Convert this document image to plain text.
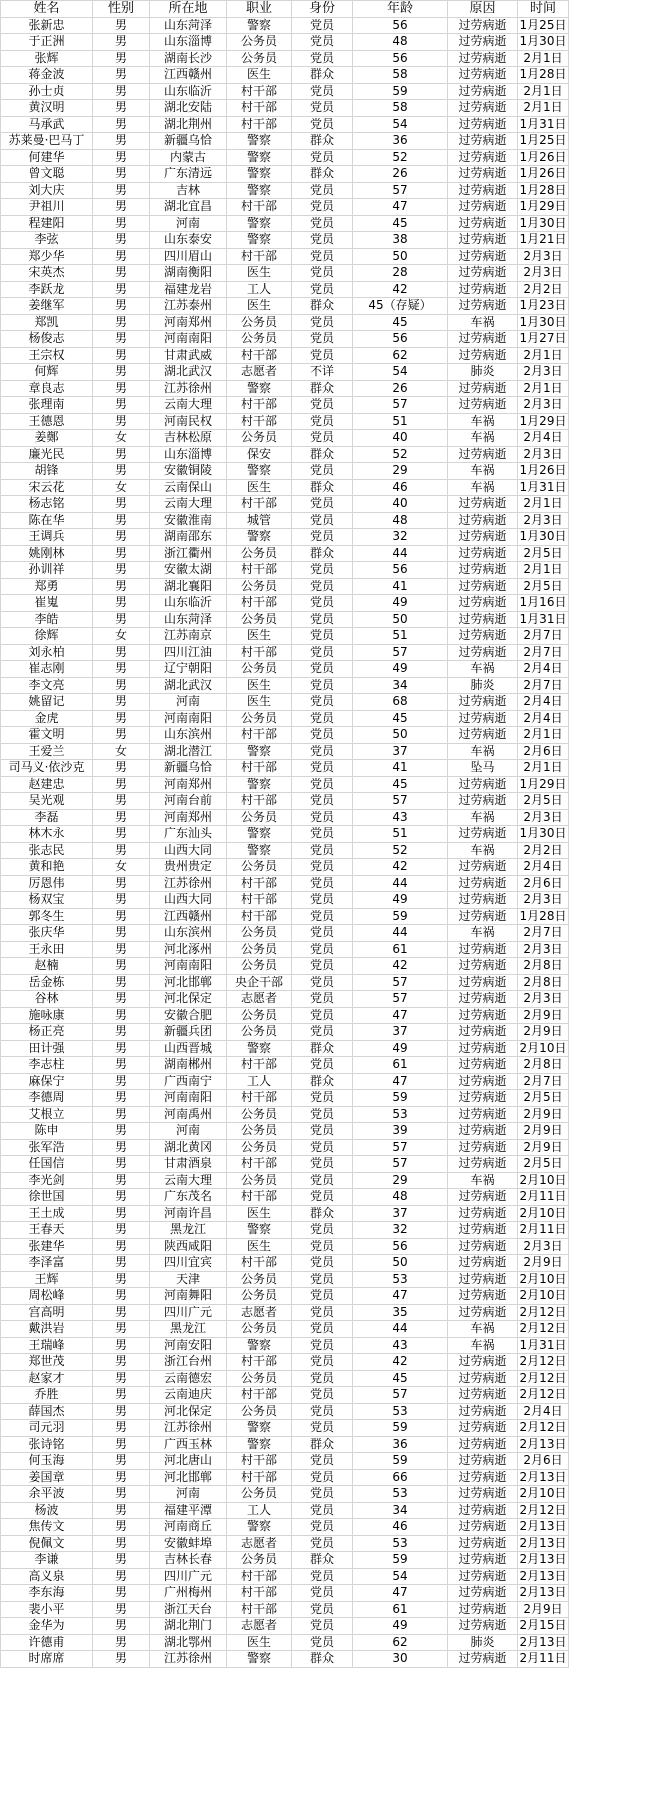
姓名	性别	所在地	职业	身份	年龄	原因	时间
张新忠	男	山东菏泽	警察	党员	56	过劳病逝	1月25日
于正洲	男	山东淄博	公务员	党员	48	过劳病逝	1月30日
张辉	男	湖南长沙	公务员	党员	56	过劳病逝	2月1日
蒋金波	男	江西赣州	医生	群众	58	过劳病逝	1月28日
孙士贞	男	山东临沂	村干部	党员	59	过劳病逝	2月1日
黄汉明	男	湖北安陆	村干部	党员	58	过劳病逝	2月1日
马承武	男	湖北荆州	村干部	党员	54	过劳病逝	1月31日
苏莱曼·巴马丁	男	新疆乌恰	警察	群众	36	过劳病逝	1月25日
何建华	男	内蒙古	警察	党员	52	过劳病逝	1月26日
曾文聪	男	广东清远	警察	群众	26	过劳病逝	1月26日
刘大庆	男	吉林	警察	党员	57	过劳病逝	1月28日
尹祖川	男	湖北宜昌	村干部	党员	47	过劳病逝	1月29日
程建阳	男	河南	警察	党员	45	过劳病逝	1月30日
李弦	男	山东泰安	警察	党员	38	过劳病逝	1月21日
郑少华	男	四川眉山	村干部	党员	50	过劳病逝	2月3日
宋英杰	男	湖南衡阳	医生	党员	28	过劳病逝	2月3日
李跃龙	男	福建龙岩	工人	党员	42	过劳病逝	2月2日
姜继军	男	江苏泰州	医生	群众	45（存疑）	过劳病逝	1月23日
郑凯	男	河南郑州	公务员	党员	45	车祸	1月30日
杨俊志	男	河南南阳	公务员	党员	56	过劳病逝	1月27日
王宗权	男	甘肃武威	村干部	党员	62	过劳病逝	2月1日
何辉	男	湖北武汉	志愿者	不详	54	肺炎	2月3日
章良志	男	江苏徐州	警察	群众	26	过劳病逝	2月1日
张理南	男	云南大理	村干部	党员	57	过劳病逝	2月3日
王德恩	男	河南民权	村干部	党员	51	车祸	1月29日
姜鄭	女	吉林松原	公务员	党员	40	车祸	2月4日
廉光民	男	山东淄博	保安	群众	52	过劳病逝	2月3日
胡锋	男	安徽铜陵	警察	党员	29	车祸	1月26日
宋云花	女	云南保山	医生	群众	46	车祸	1月31日
杨志铭	男	云南大理	村干部	党员	40	过劳病逝	2月1日
陈在华	男	安徽淮南	城管	党员	48	过劳病逝	2月3日
王调兵	男	湖南邵东	警察	党员	32	过劳病逝	1月30日
姚刚林	男	浙江衢州	公务员	群众	44	过劳病逝	2月5日
孙训祥	男	安徽太湖	村干部	党员	56	过劳病逝	2月1日
郑勇	男	湖北襄阳	公务员	党员	41	过劳病逝	2月5日
崔嵬	男	山东临沂	村干部	党员	49	过劳病逝	1月16日
李皓	男	山东菏泽	公务员	党员	50	过劳病逝	1月31日
徐辉	女	江苏南京	医生	党员	51	过劳病逝	2月7日
刘永柏	男	四川江油	村干部	党员	57	过劳病逝	2月7日
崔志刚	男	辽宁朝阳	公务员	党员	49	车祸	2月4日
李文亮	男	湖北武汉	医生	党员	34	肺炎	2月7日
姚留记	男	河南	医生	党员	68	过劳病逝	2月4日
金虎	男	河南南阳	公务员	党员	45	过劳病逝	2月4日
霍文明	男	山东滨州	村干部	党员	50	过劳病逝	2月1日
王爱兰	女	湖北潜江	警察	党员	37	车祸	2月6日
司马义·依沙克	男	新疆乌恰	村干部	党员	41	坠马	2月1日
赵建忠	男	河南郑州	警察	党员	45	过劳病逝	1月29日
吴光观	男	河南台前	村干部	党员	57	过劳病逝	2月5日
李磊	男	河南郑州	公务员	党员	43	车祸	2月3日
林木永	男	广东汕头	警察	党员	51	过劳病逝	1月30日
张志民	男	山西大同	警察	党员	52	车祸	2月2日
黄和艳	女	贵州贵定	公务员	党员	42	过劳病逝	2月4日
厉恩伟	男	江苏徐州	村干部	党员	44	过劳病逝	2月6日
杨双宝	男	山西大同	村干部	党员	49	过劳病逝	2月3日
郭冬生	男	江西赣州	村干部	党员	59	过劳病逝	1月28日
张庆华	男	山东滨州	公务员	党员	44	车祸	2月7日
王永田	男	河北涿州	公务员	党员	61	过劳病逝	2月3日
赵楠	男	河南南阳	公务员	党员	42	过劳病逝	2月8日
岳金栋	男	河北邯郸	央企干部	党员	57	过劳病逝	2月8日
谷林	男	河北保定	志愿者	党员	57	过劳病逝	2月3日
施咏康	男	安徽合肥	公务员	党员	47	过劳病逝	2月9日
杨正亮	男	新疆兵团	公务员	党员	37	过劳病逝	2月9日
田计强	男	山西晋城	警察	群众	49	过劳病逝	2月10日
李志柱	男	湖南郴州	村干部	党员	61	过劳病逝	2月8日
麻保宁	男	广西南宁	工人	群众	47	过劳病逝	2月7日
李德周	男	河南南阳	村干部	党员	59	过劳病逝	2月5日
艾根立	男	河南禹州	公务员	党员	53	过劳病逝	2月9日
陈申	男	河南	公务员	党员	39	过劳病逝	2月9日
张军浩	男	湖北黄冈	公务员	党员	57	过劳病逝	2月9日
任国信	男	甘肃酒泉	村干部	党员	57	过劳病逝	2月5日
李光剑	男	云南大理	公务员	党员	29	车祸	2月10日
徐世国	男	广东茂名	村干部	党员	48	过劳病逝	2月11日
王土成	男	河南许昌	医生	群众	37	过劳病逝	2月10日
王春天	男	黑龙江	警察	党员	32	过劳病逝	2月11日
张建华	男	陕西咸阳	医生	党员	56	过劳病逝	2月3日
李泽富	男	四川宜宾	村干部	党员	50	过劳病逝	2月9日
王辉	男	天津	公务员	党员	53	过劳病逝	2月10日
周松峰	男	河南舞阳	公务员	党员	47	过劳病逝	2月10日
宫高明	男	四川广元	志愿者	党员	35	过劳病逝	2月12日
戴洪岩	男	黑龙江	公务员	党员	44	车祸	2月12日
王瑞峰	男	河南安阳	警察	党员	43	车祸	1月31日
郑世茂	男	浙江台州	村干部	党员	42	过劳病逝	2月12日
赵家才	男	云南德宏	公务员	党员	45	过劳病逝	2月12日
乔胜	男	云南迪庆	村干部	党员	57	过劳病逝	2月12日
薛国杰	男	河北保定	公务员	党员	53	过劳病逝	2月4日
司元羽	男	江苏徐州	警察	党员	59	过劳病逝	2月12日
张诗铭	男	广西玉林	警察	群众	36	过劳病逝	2月13日
何玉海	男	河北唐山	村干部	党员	59	过劳病逝	2月6日
姜国章	男	河北邯郸	村干部	党员	66	过劳病逝	2月13日
余平波	男	河南	公务员	党员	53	过劳病逝	2月10日
杨波	男	福建平潭	工人	党员	34	过劳病逝	2月12日
焦传文	男	河南商丘	警察	党员	46	过劳病逝	2月13日
倪佩文	男	安徽蚌埠	志愿者	党员	53	过劳病逝	2月13日
李谦	男	吉林长春	公务员	群众	59	过劳病逝	2月13日
高义泉	男	四川广元	村干部	党员	54	过劳病逝	2月13日
李东海	男	广州梅州	村干部	党员	47	过劳病逝	2月13日
裴小平	男	浙江天台	村干部	党员	61	过劳病逝	2月9日
金华为	男	湖北荆门	志愿者	党员	49	过劳病逝	2月15日
许德甫	男	湖北鄂州	医生	党员	62	肺炎	2月13日
时席席	男	江苏徐州	警察	群众	30	过劳病逝	2月11日
